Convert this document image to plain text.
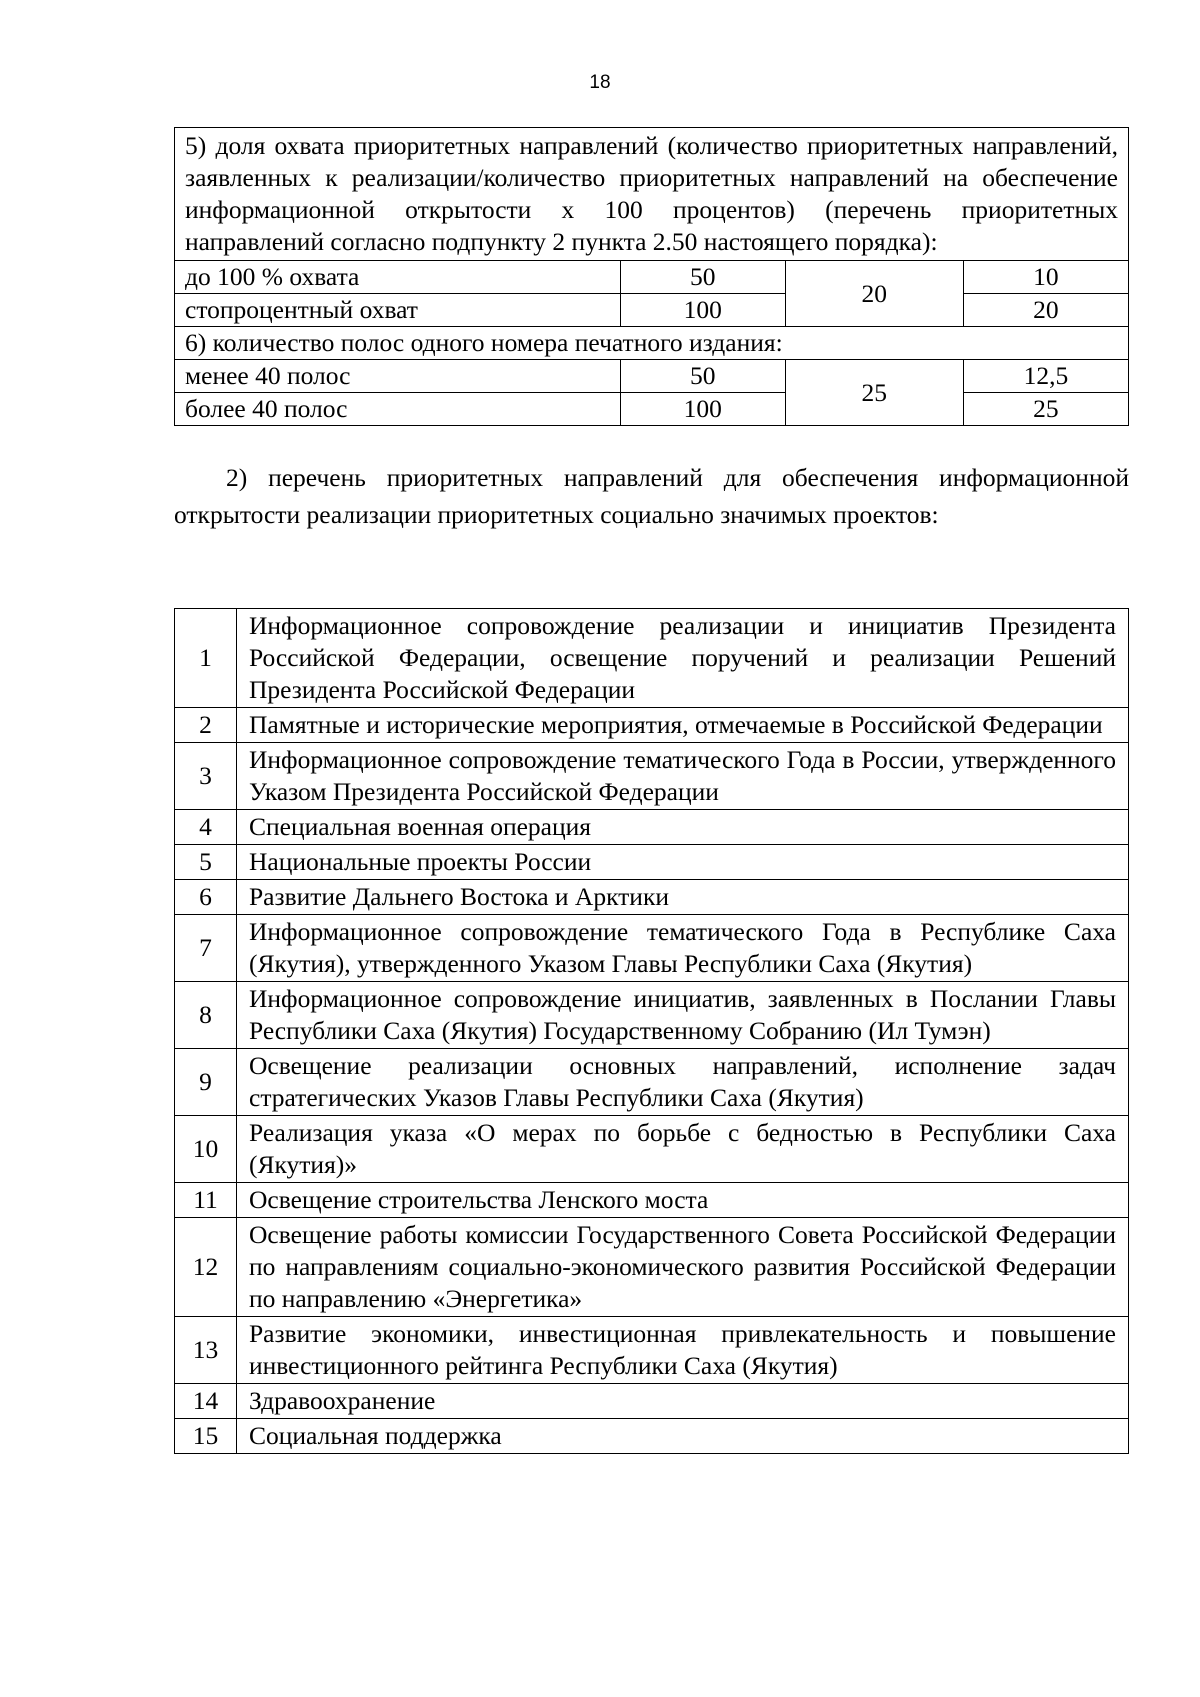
18
5) доля охвата приоритетных направлений (количество приоритетных направлений, заявленных к реализации/количество приоритетных направлений на обеспечение информационной открытости х 100 процентов) (перечень приоритетных направлений согласно подпункту 2 пункта 2.50 настоящего порядка):			
до 100 % охвата	50	20	10
стопроцентный охват	100		20
6) количество полос одного номера печатного издания:			
менее 40 полос	50	25	12,5
более 40 полос	100		25

2) перечень приоритетных направлений для обеспечения информационной открытости реализации приоритетных социально значимых проектов:

1	Информационное сопровождение реализации и инициатив Президента Российской Федерации, освещение поручений и реализации Решений Президента Российской Федерации
2	Памятные и исторические мероприятия, отмечаемые в Российской Федерации
3	Информационное сопровождение тематического Года в России, утвержденного Указом Президента Российской Федерации
4	Специальная военная операция
5	Национальные проекты России
6	Развитие Дальнего Востока и Арктики
7	Информационное сопровождение тематического Года в Республике Саха (Якутия), утвержденного Указом Главы Республики Саха (Якутия)
8	Информационное сопровождение инициатив, заявленных в Послании Главы Республики Саха (Якутия) Государственному Собранию (Ил Тумэн)
9	Освещение реализации основных направлений, исполнение задач стратегических Указов Главы Республики Саха (Якутия)
10	Реализация указа «О мерах по борьбе с бедностью в Республики Саха (Якутия)»
11	Освещение строительства Ленского моста
12	Освещение работы комиссии Государственного Совета Российской Федерации по направлениям социально-экономического развития Российской Федерации по направлению «Энергетика»
13	Развитие экономики, инвестиционная привлекательность и повышение инвестиционного рейтинга Республики Саха (Якутия)
14	Здравоохранение
15	Социальная поддержка
